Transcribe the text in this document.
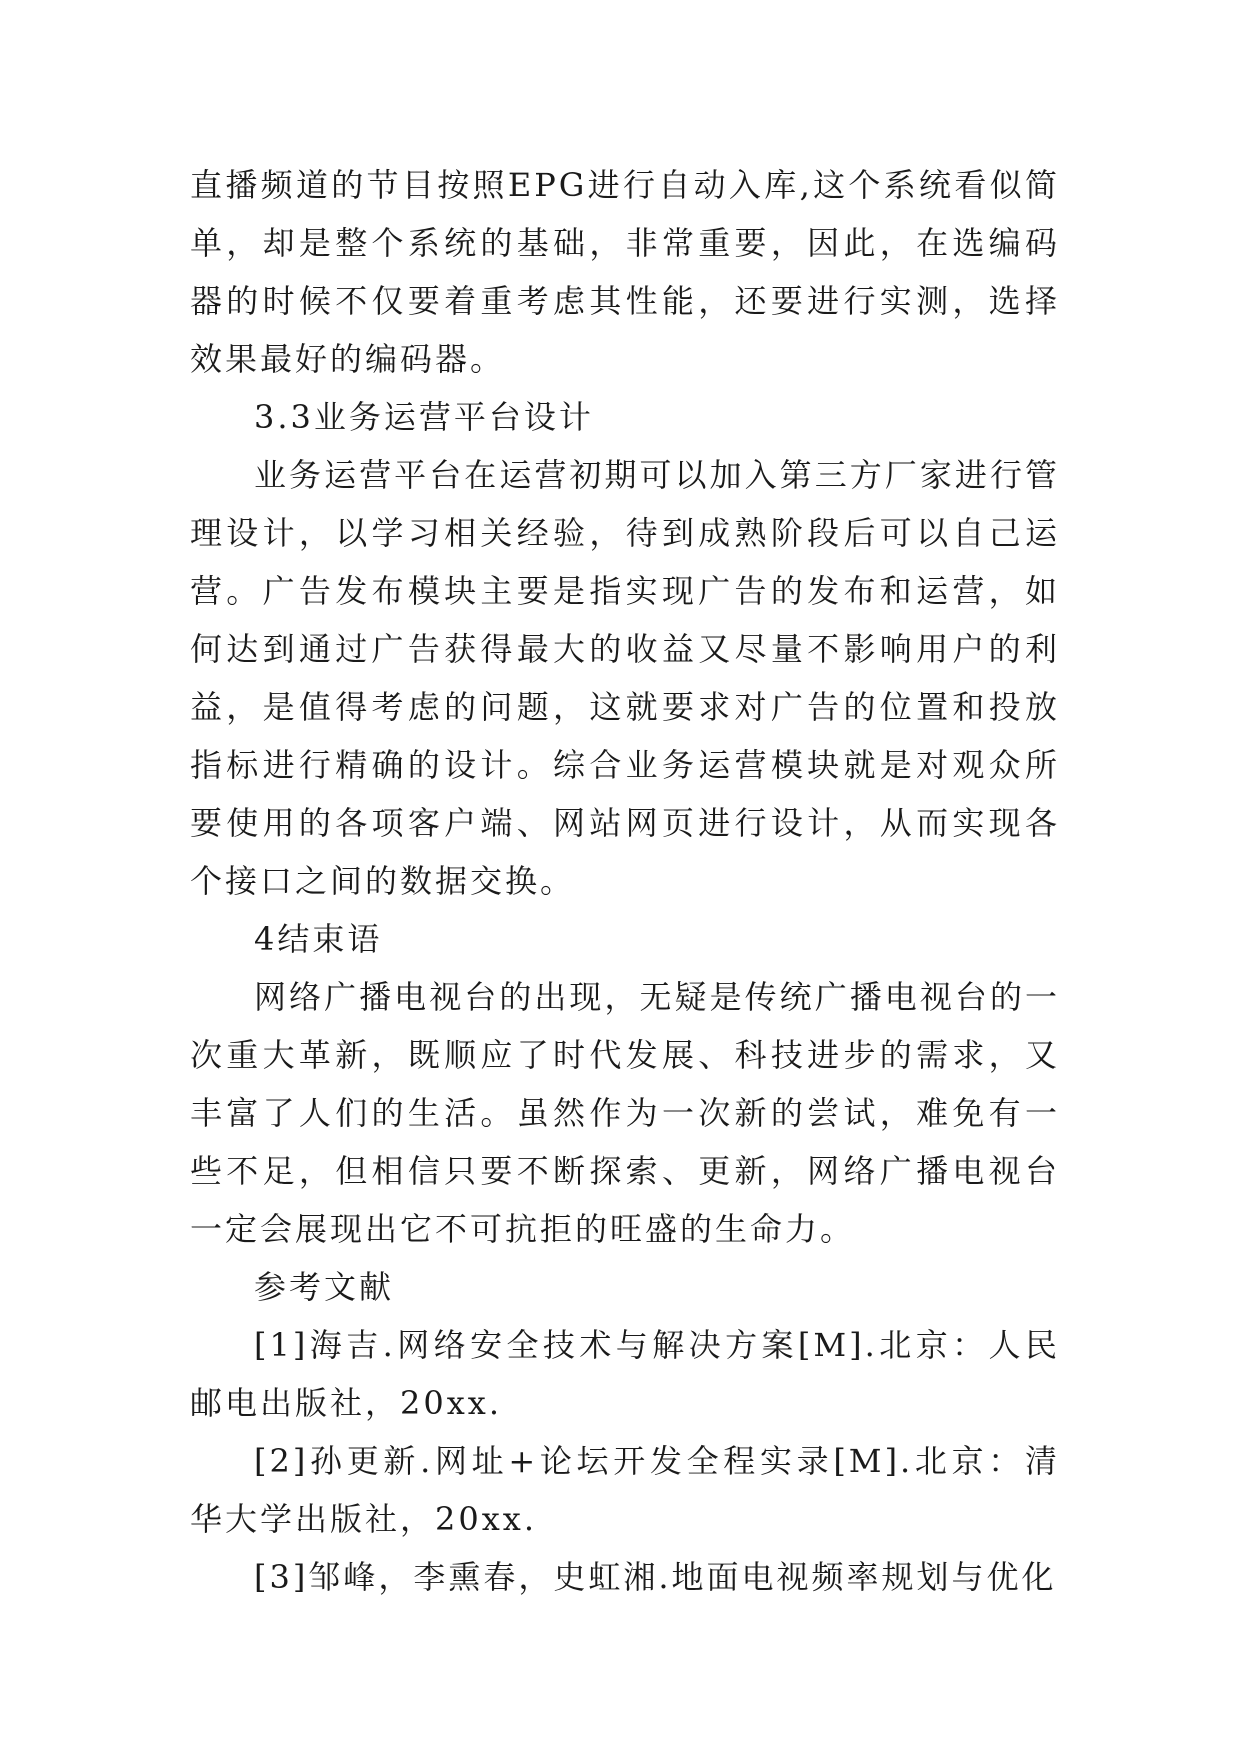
直播频道的节目按照EPG进行自动入库,这个系统看似简单，却是整个系统的基础，非常重要，因此，在选编码器的时候不仅要着重考虑其性能，还要进行实测，选择效果最好的编码器。

3.3业务运营平台设计

业务运营平台在运营初期可以加入第三方厂家进行管理设计，以学习相关经验，待到成熟阶段后可以自己运营。广告发布模块主要是指实现广告的发布和运营，如何达到通过广告获得最大的收益又尽量不影响用户的利益，是值得考虑的问题，这就要求对广告的位置和投放指标进行精确的设计。综合业务运营模块就是对观众所要使用的各项客户端、网站网页进行设计，从而实现各个接口之间的数据交换。

4结束语

网络广播电视台的出现，无疑是传统广播电视台的一次重大革新，既顺应了时代发展、科技进步的需求，又丰富了人们的生活。虽然作为一次新的尝试，难免有一些不足，但相信只要不断探索、更新，网络广播电视台一定会展现出它不可抗拒的旺盛的生命力。

参考文献

[1]海吉.网络安全技术与解决方案[M].北京：人民邮电出版社，20xx.

[2]孙更新.网址+论坛开发全程实录[M].北京：清华大学出版社，20xx.

[3]邹峰，李熏春，史虹湘.地面电视频率规划与优化
